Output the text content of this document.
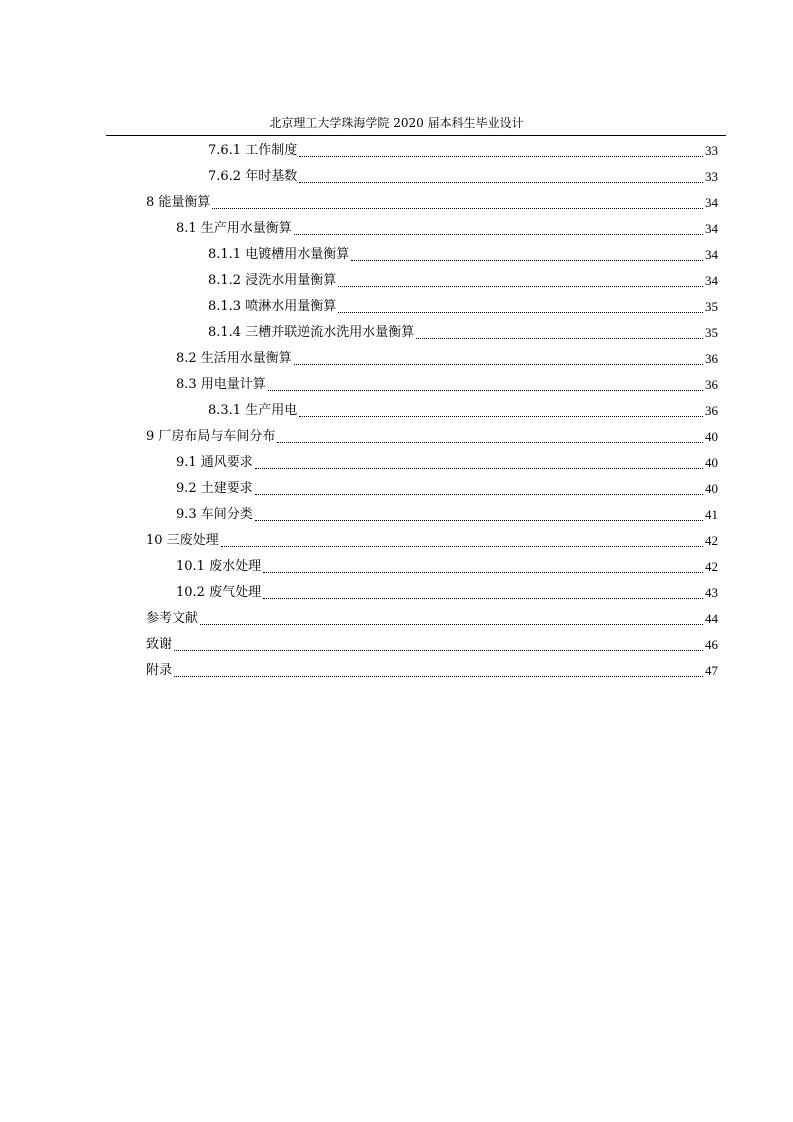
北京理工大学珠海学院 2020 届本科生毕业设计
7.6.1 工作制度	33
7.6.2 年时基数	33
8 能量衡算	34
8.1 生产用水量衡算	34
8.1.1 电镀槽用水量衡算	34
8.1.2 浸洗水用量衡算	34
8.1.3 喷淋水用量衡算	35
8.1.4 三槽并联逆流水洗用水量衡算	35
8.2 生活用水量衡算	36
8.3 用电量计算	36
8.3.1 生产用电	36
9 厂房布局与车间分布	40
9.1 通风要求	40
9.2 土建要求	40
9.3 车间分类	41
10 三废处理	42
10.1 废水处理	42
10.2 废气处理	43
参考文献	44
致谢	46
附录	47
